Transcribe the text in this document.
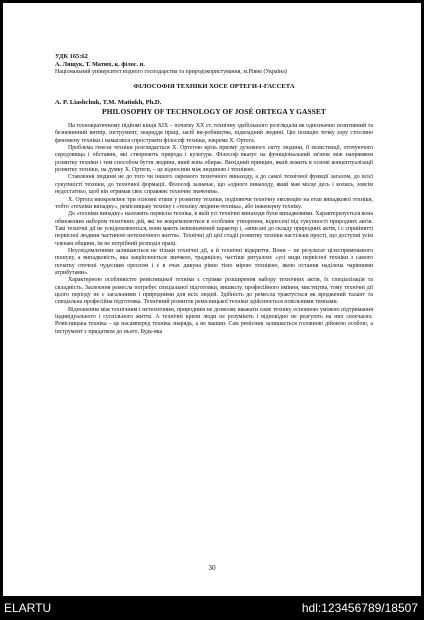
УДК 165:62

А. Лящук, Т. Матюх, к. філос. н.

Національний університет водного господарства та природокористування, м.Рівне (Україна)

ФІЛОСОФІЯ ТЕХНІКИ ХОСЕ ОРТЕГИ-І-ГАССЕТА

A. P. Liashchuk, T.M. Matiukh, Ph.D.

PHILOSOPHY OF TECHNOLOGY OF JOSÉ ORTEGA Y GASSET

На технократичному підйомі кінця XIX – початку XX ст. технічну здебільшого розглядали як однозначно позитивний та безневинний витвір, інструмент, знаряддя праці, засіб ви-робництва, підвладний людині. Цю позицію точку зору стосовно феномену техніки і намагався спростувати філософ техніки, зокрема Х. Ортега.

Проблема генези техніки розглядається Х. Ортегою крізь призму духовного світу людини, її екзистенції, оточуючого середовища і обставин, які створюють природа і культура. Філософ вказує на функціональний зв'язок між напрямком розвитку техніки і тим способом буття людини, який вона обирає. Вихідний принцип, який лежить в основі концептуалізації розвитку техніки, на думку Х. Ортеги, – це відносини між людиною і технікою.

Ставлення людини не до того чи іншого окремого технічного винаходу, а до самої технічної функції загалом, до всієї сукупності техніки, до технічної формації. Філософ зазначає, що «одного винаходу, який мав місце десь і колись, зовсім недостатньо, щоб він отримав своє справжнє технічне значення».

Х. Ортега виокремлює три основні етапи у розвитку техніки, подіпяючи технічну еволюцію на етап випадкової техніки, тобто «техніки випадку», ремісницьку техніку і «техніку людини-техніка», або інженерну техніку.

До «техніки випадку» належить первісна техніка, в якій усі технічні винаходи були випадковими. Характеризується вона обмеженим набором технічних дій, які не вокремлюються в особливе утворення, віднесені від сукупності природних актів. Такі технічні дії не усвідомлюються, вони мають невизначений характер і, «вписані до складу природних актів, і с сприйняттi первісної людини частиною нетехнічного життя». Технічні дії цієї стадії розвитку техніки настільки прості, що доступні усім членам общини, їм не потрібний розподіл праці.

Неусвідомленими залишаються не тільки технічні дії, а й технічні відкриття. Вони – не результат цілеспрямованого пошуку, а випадковість, яка закріплюється звичкою, традицією, частіше ритуалом: «усі види первісної техніки з самого початку оточені чудесним ореолом і є в очах дикуна рівно тією мірою технікою, якою остання наділена чарівними атрибутами».

Характерною особливістю ремісницької техніки є стрімке розширення набору технічних актів, їх спеціалізація та складність. Засвоєння ремесла потребує спеціальної підготовки, вишколу, професійного вміння, мистецтва, тому технічні дії цього періоду не є загальними і природними для всіх людей. Здібність до ремесла трактується як вроджений талант та спеціальна професійна підготовка. Технічний розвиток ремісницької техніки здійснюється повільними темпами.

Відношення між технічним і нетехнічним, природним не дозволяє вважати саме техніку основною умовою підтримання індивідуального і суспільного життя. А технічні кризи люди не розуміють і відповідно не реагують на них своєчасно. Ремісницька техніка – це насамперед техніка знарядь, а не машин. Сам ремісник залишається головною дійовою особою, а інструмент є придатком до нього. Будь-яка

30
ELARTU	hdl:123456789/18507
